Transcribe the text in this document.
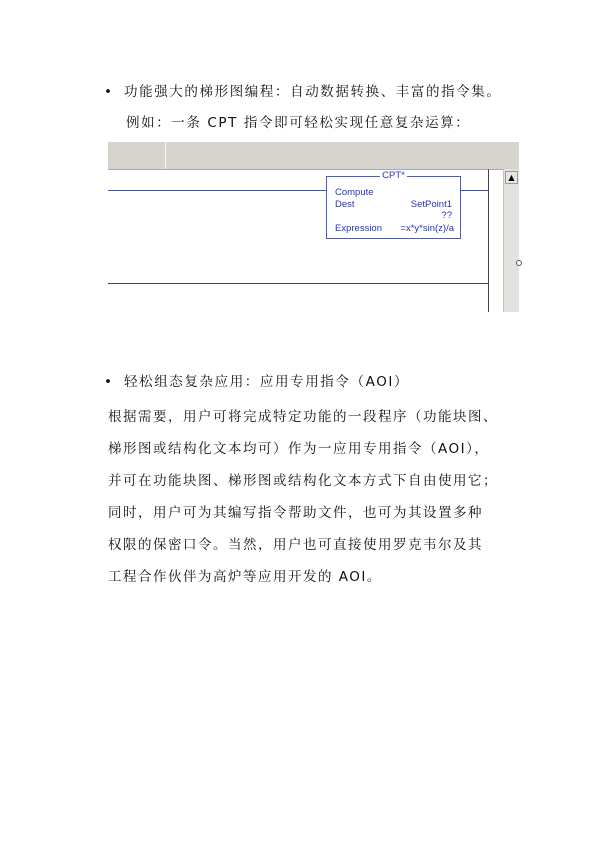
• 功能强大的梯形图编程：自动数据转换、丰富的指令集。
例如：一条 CPT 指令即可轻松实现任意复杂运算：
CPT*
Compute
Dest	SetPoint1
??
Expression =x*y*sin(z)/a
▲
• 轻松组态复杂应用：应用专用指令（AOI）
根据需要，用户可将完成特定功能的一段程序（功能块图、
梯形图或结构化文本均可）作为一应用专用指令（AOI），
并可在功能块图、梯形图或结构化文本方式下自由使用它；
同时，用户可为其编写指令帮助文件，也可为其设置多种
权限的保密口令。当然，用户也可直接使用罗克韦尔及其
工程合作伙伴为高炉等应用开发的 AOI。
